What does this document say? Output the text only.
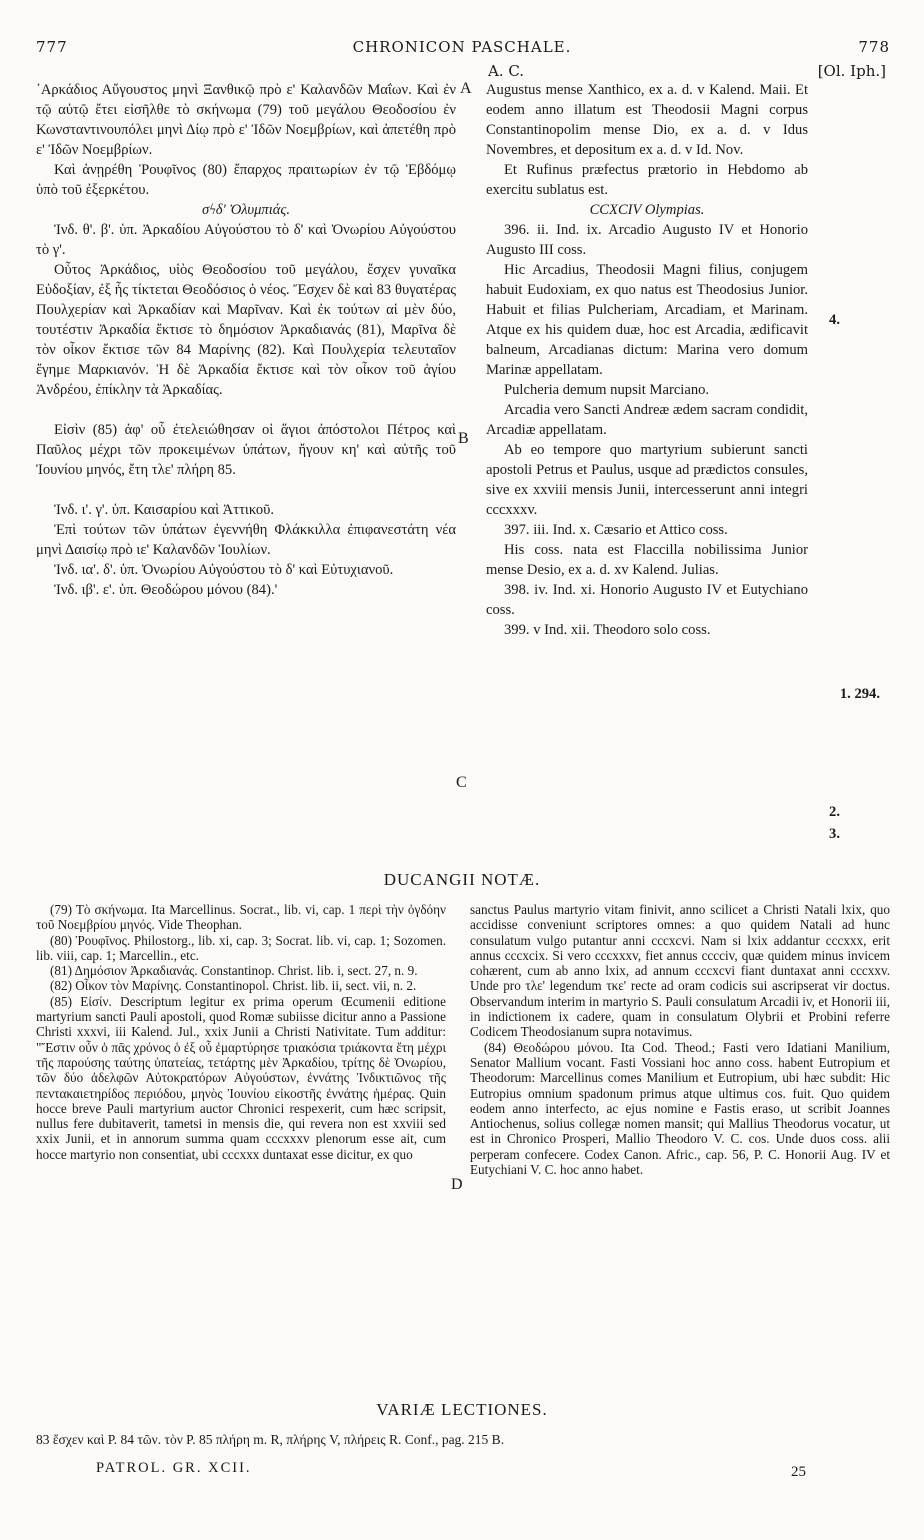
777	CHRONICON PASCHALE.	778
A. C.	[Ol. Iph.]

᾿Αρκάδιος Αὔγουστος μηνὶ Ξανθικῷ πρὸ ε' Καλανδῶν Μαΐων. Καὶ ἐν τῷ αὐτῷ ἔτει εἰσῆλθε τὸ σκήνωμα (79) τοῦ μεγάλου Θεοδοσίου ἐν Κωνσταντινουπόλει μηνὶ Δίῳ πρὸ ε' Ἰδῶν Νοεμβρίων, καὶ ἀπετέθη πρὸ ε' Ἰδῶν Νοεμβρίων.

Καὶ ἀνῃρέθη Ῥουφῖνος (80) ἔπαρχος πραιτωρίων ἐν τῷ Ἑβδόμῳ ὑπὸ τοῦ ἐξερκέτου.

σϟδ' Ὀλυμπιάς.

Ἰνδ. θ'. β'. ὑπ. Ἀρκαδίου Αὐγούστου τὸ δ' καὶ Ὀνωρίου Αὐγούστου τὸ γ'.

Οὗτος Ἀρκάδιος, υἱὸς Θεοδοσίου τοῦ μεγάλου, ἔσχεν γυναῖκα Εὐδοξίαν, ἐξ ἧς τίκτεται Θεοδόσιος ὁ νέος. Ἔσχεν δὲ καὶ 83 θυγατέρας Πουλχερίαν καὶ Ἀρκαδίαν καὶ Μαρῖναν. Καὶ ἐκ τούτων αἱ μὲν δύο, τουτέστιν Ἀρκαδία ἔκτισε τὸ δημόσιον Ἀρκαδιανάς (81), Μαρῖνα δὲ τὸν οἶκον ἔκτισε τῶν 84 Μαρίνης (82). Καὶ Πουλχερία τελευταῖον ἔγημε Μαρκιανόν. Ἡ δὲ Ἀρκαδία ἔκτισε καὶ τὸν οἶκον τοῦ ἁγίου Ἀνδρέου, ἐπίκλην τὰ Ἀρκαδίας.

Εἰσὶν (85) ἀφ' οὗ ἐτελειώθησαν οἱ ἅγιοι ἀπόστολοι Πέτρος καὶ Παῦλος μέχρι τῶν προκειμένων ὑπάτων, ἤγουν κη' καὶ αὐτῆς τοῦ Ἰουνίου μηνός, ἔτη τλε' πλήρη 85.

Ἰνδ. ι'. γ'. ὑπ. Καισαρίου καὶ Ἀττικοῦ.

Ἐπὶ τούτων τῶν ὑπάτων ἐγεννήθη Φλάκκιλλα ἐπιφανεστάτη νέα μηνὶ Δαισίῳ πρὸ ιε' Καλανδῶν Ἰουλίων.

Ἰνδ. ια'. δ'. ὑπ. Ὀνωρίου Αὐγούστου τὸ δ' καὶ Εὐτυχιανοῦ.

Ἰνδ. ιβ'. ε'. ὑπ. Θεοδώρου μόνου (84).'

A
B
C
D

Augustus mense Xanthico, ex a. d. v Kalend. Maii. Et eodem anno illatum est Theodosii Magni corpus Constantinopolim mense Dio, ex a. d. v Idus Novembres, et depositum ex a. d. v Id. Nov.

Et Rufinus præfectus prætorio in Hebdomo ab exercitu sublatus est.

CCXCIV Olympias.

396. ii. Ind. ix. Arcadio Augusto IV et Honorio Augusto III coss.

Hic Arcadius, Theodosii Magni filius, conjugem habuit Eudoxiam, ex quo natus est Theodosius Junior. Habuit et filias Pulcheriam, Arcadiam, et Marinam. Atque ex his quidem duæ, hoc est Arcadia, ædificavit balneum, Arcadianas dictum: Marina vero domum Marinæ appellatam.

Pulcheria demum nupsit Marciano.

Arcadia vero Sancti Andreæ ædem sacram condidit, Arcadiæ appellatam.

Ab eo tempore quo martyrium subierunt sancti apostoli Petrus et Paulus, usque ad prædictos consules, sive ex xxviii mensis Junii, intercesserunt anni integri cccxxxv.

397. iii. Ind. x. Cæsario et Attico coss.

His coss. nata est Flaccilla nobilissima Junior mense Desio, ex a. d. xv Kalend. Julias.

398. iv. Ind. xi. Honorio Augusto IV et Eutychiano coss.

399. v Ind. xii. Theodoro solo coss.

4.
1. 294.
2.
3.
DUCANGII NOTÆ.

(79) Τὸ σκήνωμα. Ita Marcellinus. Socrat., lib. vi, cap. 1 περὶ τὴν ὀγδόην τοῦ Νοεμβρίου μηνός. Vide Theophan.

(80) Ῥουφῖνος. Philostorg., lib. xi, cap. 3; Socrat. lib. vi, cap. 1; Sozomen. lib. viii, cap. 1; Marcellin., etc.

(81) Δημόσιον Ἀρκαδιανάς. Constantinop. Christ. lib. i, sect. 27, n. 9.

(82) Οἶκον τὸν Μαρίνης. Constantinopol. Christ. lib. ii, sect. vii, n. 2.

(85) Εἰσίν. Descriptum legitur ex prima operum Œcumenii editione martyrium sancti Pauli apostoli, quod Romæ subiisse dicitur anno a Passione Christi xxxvi, iii Kalend. Jul., xxix Junii a Christi Nativitate. Tum additur: "Ἔστιν οὖν ὁ πᾶς χρόνος ὁ ἐξ οὗ ἐμαρτύρησε τριακόσια τριάκοντα ἔτη μέχρι τῆς παρούσης ταύτης ὑπατείας, τετάρτης μὲν Ἀρκαδίου, τρίτης δὲ Ὀνωρίου, τῶν δύο ἀδελφῶν Αὐτοκρατόρων Αὐγούστων, ἐννάτης Ἰνδικτιῶνος τῆς πεντακαιετηρίδος περιόδου, μηνὸς Ἰουνίου εἰκοστῆς ἐννάτης ἡμέρας. Quin hocce breve Pauli martyrium auctor Chronici respexerit, cum hæc scripsit, nullus fere dubitaverit, tametsi in mensis die, qui revera non est xxviii sed xxix Junii, et in annorum summa quam cccxxxv plenorum esse ait, cum hocce martyrio non consentiat, ubi cccxxx duntaxat esse dicitur, ex quo

sanctus Paulus martyrio vitam finivit, anno scilicet a Christi Natali lxix, quo accidisse conveniunt scriptores omnes: a quo quidem Natali ad hunc consulatum vulgo putantur anni cccxcvi. Nam si lxix addantur cccxxx, erit annus cccxcix. Si vero cccxxxv, fiet annus cccciv, quæ quidem minus invicem cohærent, cum ab anno lxix, ad annum cccxcvi fiant duntaxat anni cccxxv. Unde pro τλε' legendum τκε' recte ad oram codicis sui ascripserat vir doctus. Observandum interim in martyrio S. Pauli consulatum Arcadii iv, et Honorii iii, in indictionem ix cadere, quam in consulatum Olybrii et Probini referre Codicem Theodosianum supra notavimus.

(84) Θεοδώρου μόνου. Ita Cod. Theod.; Fasti vero Idatiani Manilium, Senator Mallium vocant. Fasti Vossiani hoc anno coss. habent Eutropium et Theodorum: Marcellinus comes Manilium et Eutropium, ubi hæc subdit: Hic Eutropius omnium spadonum primus atque ultimus cos. fuit. Quo quidem eodem anno interfecto, ac ejus nomine e Fastis eraso, ut scribit Joannes Antiochenus, solius collegæ nomen mansit; qui Mallius Theodorus vocatur, ut est in Chronico Prosperi, Mallio Theodoro V. C. cos. Unde duos coss. alii perperam confecere. Codex Canon. Afric., cap. 56, P. C. Honorii Aug. IV et Eutychiani V. C. hoc anno habet.

VARIÆ LECTIONES.
83 ἔσχεν καὶ P. 84 τῶν. τὸν P. 85 πλήρη m. R, πλήρης V, πλήρεις R. Conf., pag. 215 B.
PATROL. GR. XCII.	25
